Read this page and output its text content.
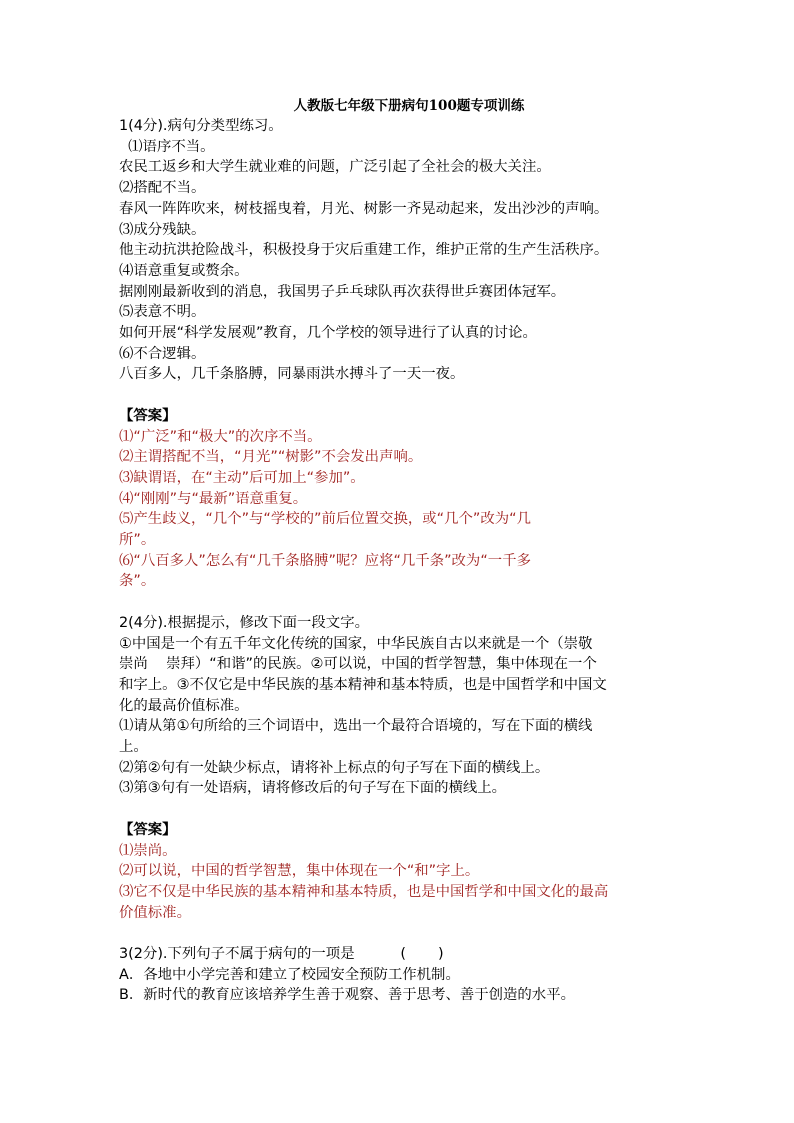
人教版七年级下册病句100题专项训练
1(4分).病句分类型练习。
⑴语序不当。
农民工返乡和大学生就业难的问题，广泛引起了全社会的极大关注。
⑵搭配不当。
春风一阵阵吹来，树枝摇曳着，月光、树影一齐晃动起来，发出沙沙的声响。
⑶成分残缺。
他主动抗洪抢险战斗，积极投身于灾后重建工作，维护正常的生产生活秩序。
⑷语意重复或赘余。
据刚刚最新收到的消息，我国男子乒乓球队再次获得世乒赛团体冠军。
⑸表意不明。
如何开展“科学发展观”教育，几个学校的领导进行了认真的讨论。
⑹不合逻辑。
八百多人，几千条胳膊，同暴雨洪水搏斗了一天一夜。
【答案】
⑴“广泛”和“极大”的次序不当。
⑵主谓搭配不当，“月光”“树影”不会发出声响。
⑶缺谓语，在“主动”后可加上“参加”。
⑷“刚刚”与“最新”语意重复。
⑸产生歧义，“几个”与“学校的”前后位置交换，或“几个”改为“几
所”。
⑹“八百多人”怎么有“几千条胳膊”呢？应将“几千条”改为“一千多
条”。
2(4分).根据提示，修改下面一段文字。
①中国是一个有五千年文化传统的国家，中华民族自古以来就是一个（崇敬
崇尚    崇拜）“和谐”的民族。②可以说，中国的哲学智慧，集中体现在一个
和字上。③不仅它是中华民族的基本精神和基本特质，也是中国哲学和中国文
化的最高价值标准。
⑴请从第①句所给的三个词语中，选出一个最符合语境的，写在下面的横线
上。
⑵第②句有一处缺少标点，请将补上标点的句子写在下面的横线上。
⑶第③句有一处语病，请将修改后的句子写在下面的横线上。
【答案】
⑴崇尚。
⑵可以说，中国的哲学智慧，集中体现在一个“和”字上。
⑶它不仅是中华民族的基本精神和基本特质，也是中国哲学和中国文化的最高
价值标准。
3(2分).下列句子不属于病句的一项是          (       )
A．各地中小学完善和建立了校园安全预防工作机制。
B．新时代的教育应该培养学生善于观察、善于思考、善于创造的水平。
